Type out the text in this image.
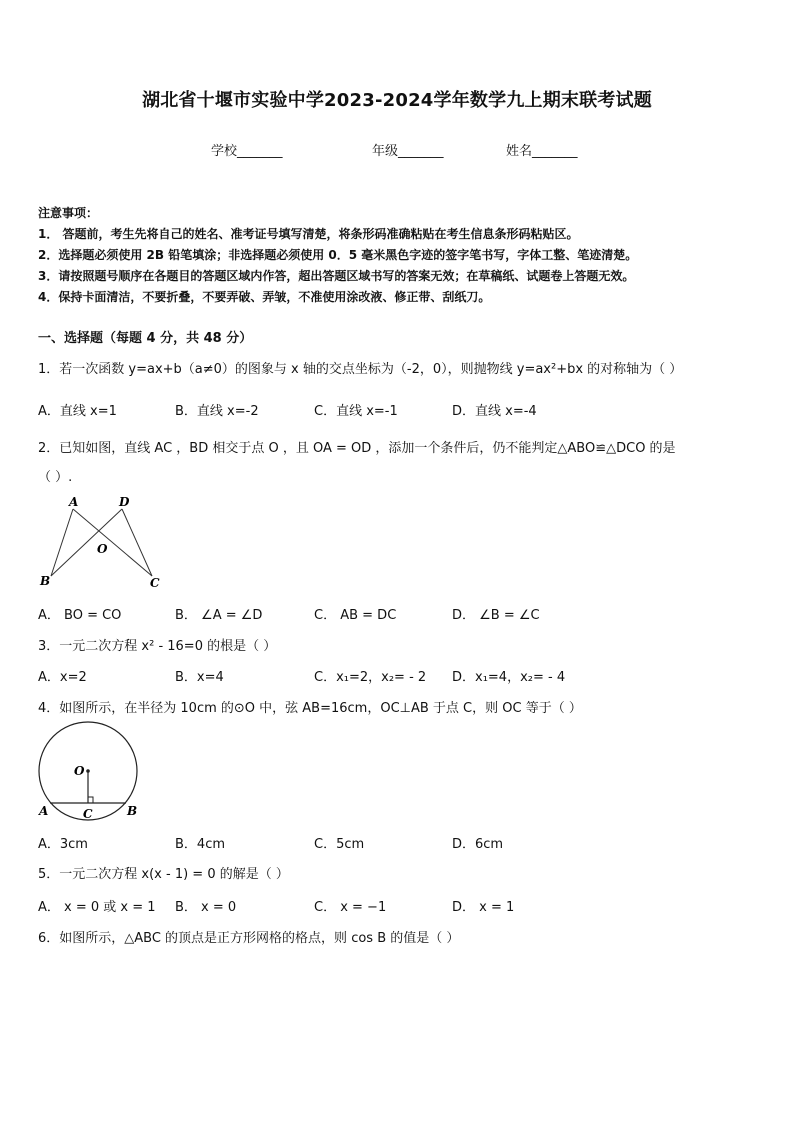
湖北省十堰市实验中学2023-2024学年数学九上期末联考试题
学校_______	年级_______	姓名_______
注意事项：
1． 答题前，考生先将自己的姓名、准考证号填写清楚，将条形码准确粘贴在考生信息条形码粘贴区。
2．选择题必须使用 2B 铅笔填涂；非选择题必须使用 0．5 毫米黑色字迹的签字笔书写，字体工整、笔迹清楚。
3．请按照题号顺序在各题目的答题区域内作答，超出答题区域书写的答案无效；在草稿纸、试题卷上答题无效。
4．保持卡面清洁，不要折叠，不要弄破、弄皱，不准使用涂改液、修正带、刮纸刀。
一、选择题（每题 4 分，共 48 分）
1．若一次函数 y=ax+b（a≠0）的图象与 x 轴的交点坐标为（-2，0），则抛物线 y=ax²+bx 的对称轴为（ ）
A．直线 x=1	B．直线 x=-2	C．直线 x=-1	D．直线 x=-4
2．已知如图，直线 AC ，BD 相交于点 O ，且 OA = OD ，添加一个条件后，仍不能判定△ABO≌△DCO 的是
（ ）.
A	D
O
B	C
A． BO = CO	B． ∠A = ∠D	C． AB = DC	D． ∠B = ∠C
3．一元二次方程 x² - 16=0 的根是（ ）
A．x=2	B．x=4	C．x₁=2，x₂= - 2 D．x₁=4，x₂= - 4
4．如图所示，在半径为 10cm 的⊙O 中，弦 AB=16cm，OC⊥AB 于点 C，则 OC 等于（ ）
O
A	B
C
A．3cm	B．4cm	C．5cm	D．6cm
5．一元二次方程 x(x - 1) = 0 的解是（ ）
A． x = 0 或 x = 1 B． x = 0	C． x = −1	D． x = 1
6．如图所示，△ABC 的顶点是正方形网格的格点，则 cos B 的值是（ ）
